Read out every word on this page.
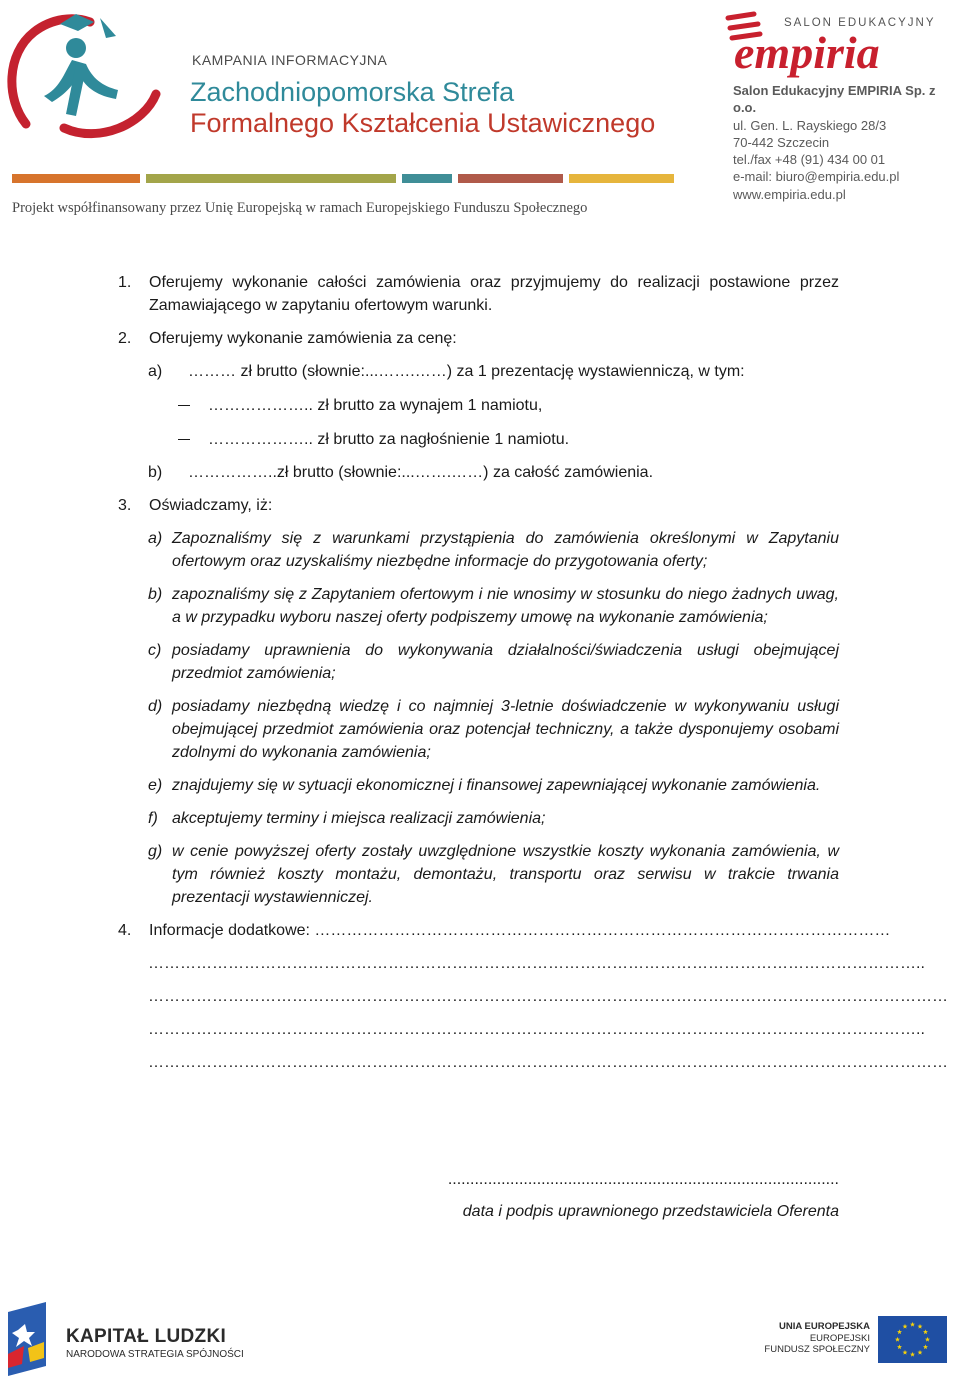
KAMPANIA INFORMACYJNA
Zachodniopomorska Strefa
Formalnego Kształcenia Ustawicznego
Projekt współfinansowany przez Unię Europejską w ramach Europejskiego Funduszu Społecznego
SALON EDUKACYJNY
empiria
Salon Edukacyjny EMPIRIA Sp. z o.o.
ul. Gen. L. Rayskiego 28/3
70-442 Szczecin
tel./fax +48 (91) 434 00 01
e-mail: biuro@empiria.edu.pl
www.empiria.edu.pl
1. Oferujemy wykonanie całości zamówienia oraz przyjmujemy do realizacji postawione przez Zamawiającego w zapytaniu ofertowym warunki.
2. Oferujemy wykonanie zamówienia za cenę:
a) ……… zł brutto (słownie:...…….……) za 1 prezentację wystawienniczą, w tym:
……………….. zł brutto za wynajem 1 namiotu,
……………….. zł brutto za nagłośnienie 1 namiotu.
b) ……………..zł brutto (słownie:...…….……) za całość zamówienia.
3. Oświadczamy, iż:
a) Zapoznaliśmy się z warunkami przystąpienia do zamówienia określonymi w Zapytaniu ofertowym oraz uzyskaliśmy niezbędne informacje do przygotowania oferty;
b) zapoznaliśmy się z Zapytaniem ofertowym i nie wnosimy w stosunku do niego żadnych uwag, a w przypadku wyboru naszej oferty podpiszemy umowę na wykonanie zamówienia;
c) posiadamy uprawnienia do wykonywania działalności/świadczenia usługi obejmującej przedmiot zamówienia;
d) posiadamy niezbędną wiedzę i co najmniej 3-letnie doświadczenie w wykonywaniu usługi obejmującej przedmiot zamówienia oraz potencjał techniczny, a także dysponujemy osobami zdolnymi do wykonania zamówienia;
e) znajdujemy się w sytuacji ekonomicznej i finansowej zapewniającej wykonanie zamówienia.
f) akceptujemy terminy i miejsca realizacji zamówienia;
g) w cenie powyższej oferty zostały uwzględnione wszystkie koszty wykonania zamówienia, w tym również koszty montażu, demontażu, transportu oraz serwisu w trakcie trwania prezentacji wystawienniczej.
4. Informacje dodatkowe: ………………………………………………………………………………………………
………………………………………………………………………………………………………………………………..
……………………………………………………………………………………………………………………………………
………………………………………………………………………………………………………………………………..
……………………………………………………………………………………………………………………………………
........................................................................................
data i podpis uprawnionego przedstawiciela Oferenta
KAPITAŁ LUDZKI
NARODOWA STRATEGIA SPÓJNOŚCI
UNIA EUROPEJSKA
EUROPEJSKI
FUNDUSZ SPOŁECZNY
